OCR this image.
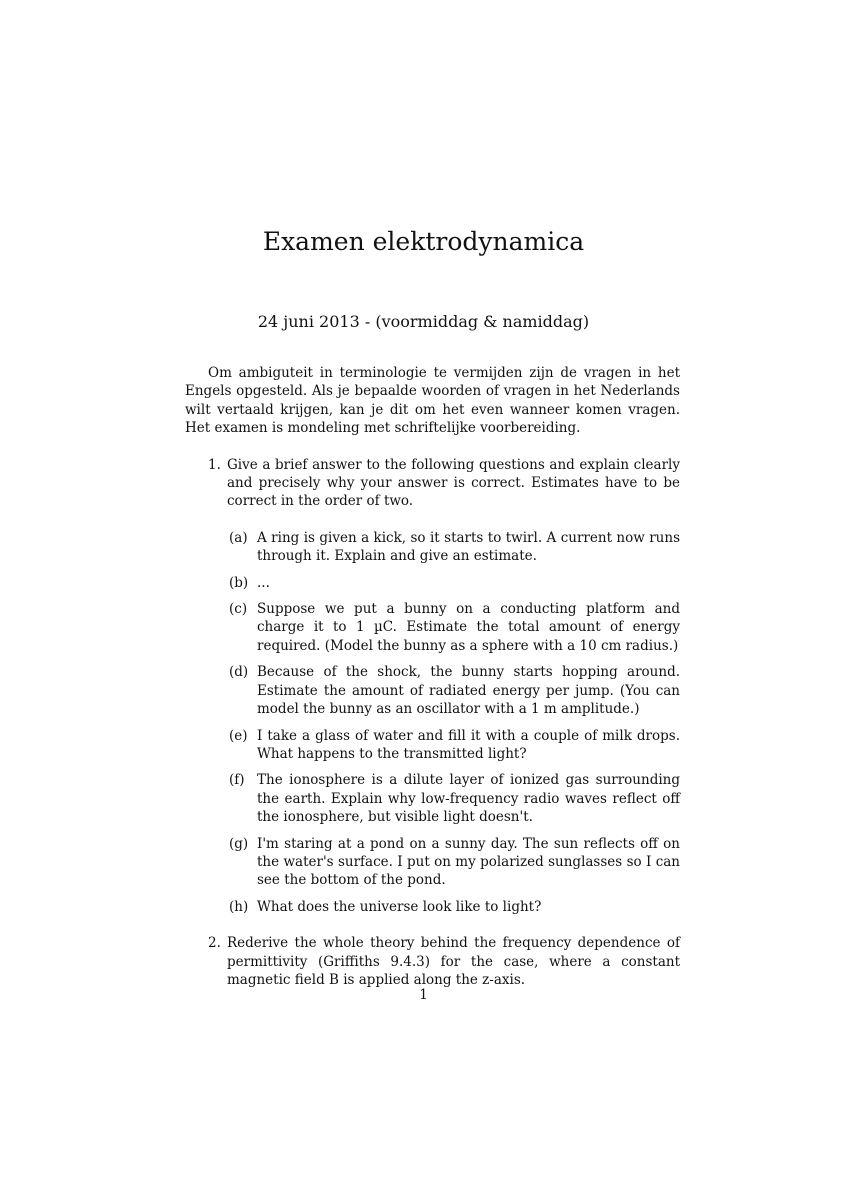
Examen elektrodynamica
24 juni 2013 - (voormiddag & namiddag)

Om ambiguteit in terminologie te vermijden zijn de vragen in het Engels opgesteld. Als je bepaalde woorden of vragen in het Nederlands wilt vertaald krijgen, kan je dit om het even wanneer komen vragen. Het examen is mondeling met schriftelijke voorbereiding.

1. Give a brief answer to the following questions and explain clearly and precisely why your answer is correct. Estimates have to be correct in the order of two.
(a) A ring is given a kick, so it starts to twirl. A current now runs through it. Explain and give an estimate.
(b) ...
(c) Suppose we put a bunny on a conducting platform and charge it to 1 µC. Estimate the total amount of energy required. (Model the bunny as a sphere with a 10 cm radius.)
(d) Because of the shock, the bunny starts hopping around. Estimate the amount of radiated energy per jump. (You can model the bunny as an oscillator with a 1 m amplitude.)
(e) I take a glass of water and fill it with a couple of milk drops. What happens to the transmitted light?
(f) The ionosphere is a dilute layer of ionized gas surrounding the earth. Explain why low-frequency radio waves reflect off the ionosphere, but visible light doesn't.
(g) I'm staring at a pond on a sunny day. The sun reflects off on the water's surface. I put on my polarized sunglasses so I can see the bottom of the pond.
(h) What does the universe look like to light?
2. Rederive the whole theory behind the frequency dependence of permittivity (Griffiths 9.4.3) for the case, where a constant magnetic field B is applied along the z-axis.
1
